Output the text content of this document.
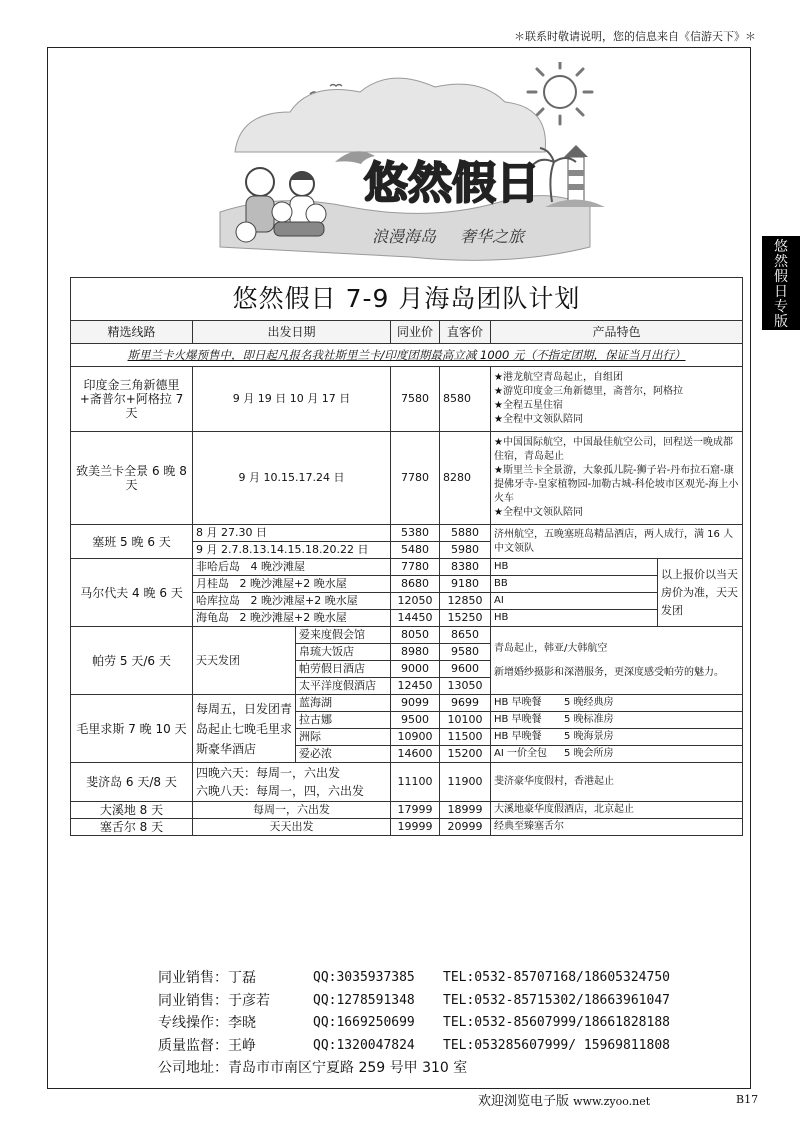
＊联系时敬请说明，您的信息来自《信游天下》＊
悠
然
假
日
专
版
悠然假日
浪漫海岛 奢华之旅
悠然假日 7-9 月海岛团队计划						
精选线路	出发日期		同业价	直客价	产品特色	
斯里兰卡火爆预售中，即日起凡报名我社斯里兰卡/印度团期最高立减 1000 元（不指定团期，保证当月出行）						
印度金三角新德里+斋普尔+阿格拉 7 天	9 月 19 日 10 月 17 日		7580	8580	★港龙航空青岛起止，自组团
★游览印度金三角新德里，斋普尔，阿格拉
★全程五星住宿
★全程中文领队陪同	

致美兰卡全景 6 晚 8 天	9 月 10.15.17.24 日		7780	8280	★中国国际航空，中国最佳航空公司，回程送一晚成都住宿，青岛起止
★斯里兰卡全景游，大象孤儿院-狮子岩-丹布拉石窟-康提佛牙寺-皇家植物园-加勒古城-科伦坡市区观光-海上小火车
★全程中文领队陪同	

塞班 5 晚 6 天	8 月 27.30 日		5380	5880	济州航空，五晚塞班岛精品酒店，两人成行，满 16 人中文领队	
	9 月 2.7.8.13.14.15.18.20.22 日		5480	5980		
马尔代夫 4 晚 6 天	非哈后岛 4 晚沙滩屋		7780	8380	HB	以上报价以当天房价为准，天天发团
	月桂岛 2 晚沙滩屋+2 晚水屋		8680	9180	BB	
	哈库拉岛 2 晚沙滩屋+2 晚水屋		12050	12850	AI	
	海龟岛 2 晚沙滩屋+2 晚水屋		14450	15250	HB	
帕劳 5 天/6 天	天天发团	爱来度假会馆	8050	8650	青岛起止，韩亚/大韩航空
新增婚纱摄影和深潜服务，更深度感受帕劳的魅力。	

		帛琉大饭店	8980	9580		
		帕劳假日酒店	9000	9600		
		太平洋度假酒店	12450	13050		
毛里求斯 7 晚 10 天	每周五，日发团青岛起止七晚毛里求斯豪华酒店	蓝海湖	9099	9699	HB 早晚餐 5 晚经典房	
		拉古娜	9500	10100	HB 早晚餐 5 晚标准房	
		洲际	10900	11500	HB 早晚餐 5 晚海景房	
		爱必浓	14600	15200	AI 一价全包 5 晚会所房	
斐济岛 6 天/8 天	四晚六天：每周一，六出发
六晚八天：每周一，四，六出发		11100	11900	斐济豪华度假村，香港起止	
大溪地 8 天	每周一，六出发		17999	18999	大溪地豪华度假酒店，北京起止	
塞舌尔 8 天	天天出发		19999	20999	经典至臻塞舌尔	
同业销售：丁磊	QQ:3035937385	TEL:0532-85707168/18605324750
同业销售：于彦若	QQ:1278591348	TEL:0532-85715302/18663961047
专线操作：李晓	QQ:1669250699	TEL:0532-85607999/18661828188
质量监督：王峥	QQ:1320047824	TEL:053285607999/ 15969811808
公司地址：青岛市市南区宁夏路 259 号甲 310 室
欢迎浏览电子版 www.zyoo.net	B17
